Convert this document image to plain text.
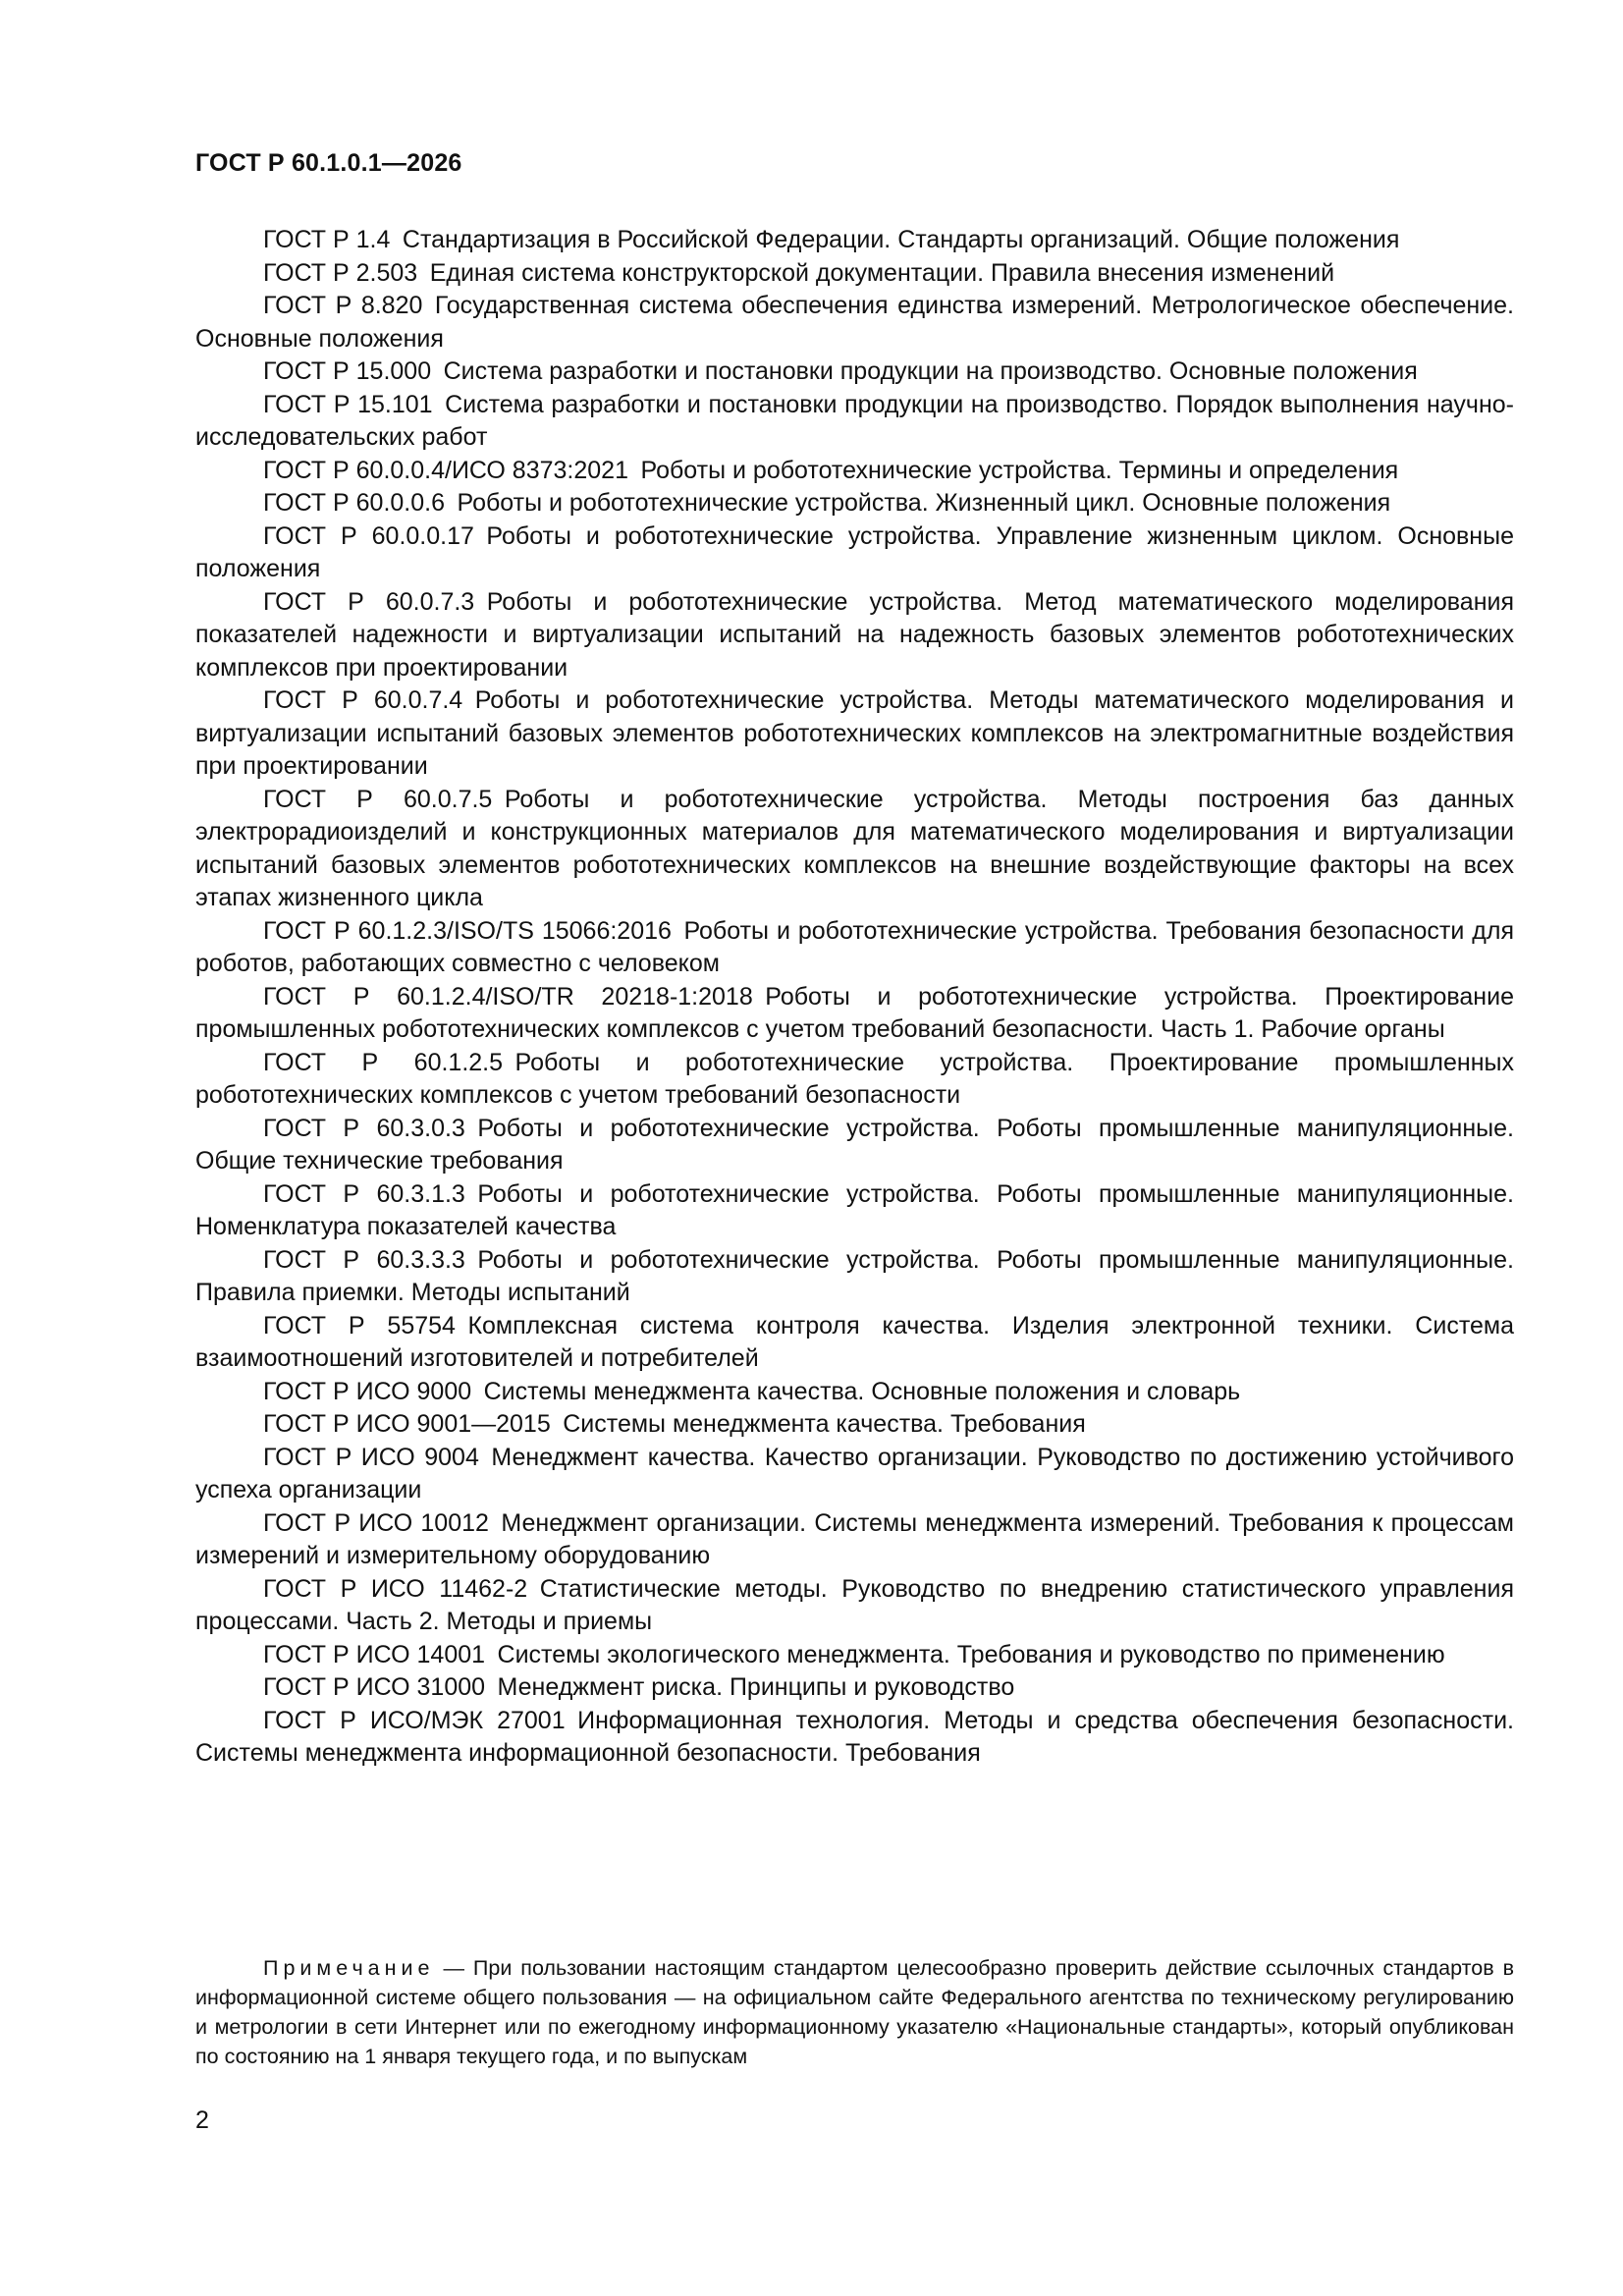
ГОСТ Р 60.1.0.1—2026

ГОСТ Р 1.4  Стандартизация в Российской Федерации. Стандарты организаций. Общие положения

ГОСТ Р 2.503  Единая система конструкторской документации. Правила внесения изменений

ГОСТ Р 8.820  Государственная система обеспечения единства измерений. Метрологическое обеспечение. Основные положения

ГОСТ Р 15.000  Система разработки и постановки продукции на производство. Основные положения

ГОСТ Р 15.101  Система разработки и постановки продукции на производство. Порядок выполнения научно-исследовательских работ

ГОСТ Р 60.0.0.4/ИСО 8373:2021  Роботы и робототехнические устройства. Термины и определения

ГОСТ Р 60.0.0.6  Роботы и робототехнические устройства. Жизненный цикл. Основные положения

ГОСТ Р 60.0.0.17  Роботы и робототехнические устройства. Управление жизненным циклом. Основные положения

ГОСТ Р 60.0.7.3  Роботы и робототехнические устройства. Метод математического моделирования показателей надежности и виртуализации испытаний на надежность базовых элементов робототехнических комплексов при проектировании

ГОСТ Р 60.0.7.4  Роботы и робототехнические устройства. Методы математического моделирования и виртуализации испытаний базовых элементов робототехнических комплексов на электромагнитные воздействия при проектировании

ГОСТ Р 60.0.7.5  Роботы и робототехнические устройства. Методы построения баз данных электрорадиоизделий и конструкционных материалов для математического моделирования и виртуализации испытаний базовых элементов робототехнических комплексов на внешние воздействующие факторы на всех этапах жизненного цикла

ГОСТ Р 60.1.2.3/ISO/TS 15066:2016  Роботы и робототехнические устройства. Требования безопасности для роботов, работающих совместно с человеком

ГОСТ Р 60.1.2.4/ISO/TR 20218-1:2018  Роботы и робототехнические устройства. Проектирование промышленных робототехнических комплексов с учетом требований безопасности. Часть 1. Рабочие органы

ГОСТ Р 60.1.2.5  Роботы и робототехнические устройства. Проектирование промышленных робототехнических комплексов с учетом требований безопасности

ГОСТ Р 60.3.0.3  Роботы и робототехнические устройства. Роботы промышленные манипуляционные. Общие технические требования

ГОСТ Р 60.3.1.3  Роботы и робототехнические устройства. Роботы промышленные манипуляционные. Номенклатура показателей качества

ГОСТ Р 60.3.3.3  Роботы и робототехнические устройства. Роботы промышленные манипуляционные. Правила приемки. Методы испытаний

ГОСТ Р 55754  Комплексная система контроля качества. Изделия электронной техники. Система взаимоотношений изготовителей и потребителей

ГОСТ Р ИСО 9000  Системы менеджмента качества. Основные положения и словарь

ГОСТ Р ИСО 9001—2015  Системы менеджмента качества. Требования

ГОСТ Р ИСО 9004  Менеджмент качества. Качество организации. Руководство по достижению устойчивого успеха организации

ГОСТ Р ИСО 10012  Менеджмент организации. Системы менеджмента измерений. Требования к процессам измерений и измерительному оборудованию

ГОСТ Р ИСО 11462-2  Статистические методы. Руководство по внедрению статистического управления процессами. Часть 2. Методы и приемы

ГОСТ Р ИСО 14001  Системы экологического менеджмента. Требования и руководство по применению

ГОСТ Р ИСО 31000  Менеджмент риска. Принципы и руководство

ГОСТ Р ИСО/МЭК 27001  Информационная технология. Методы и средства обеспечения безопасности. Системы менеджмента информационной безопасности. Требования

Примечание — При пользовании настоящим стандартом целесообразно проверить действие ссылочных стандартов в информационной системе общего пользования — на официальном сайте Федерального агентства по техническому регулированию и метрологии в сети Интернет или по ежегодному информационному указателю «Национальные стандарты», который опубликован по состоянию на 1 января текущего года, и по выпускам
2
